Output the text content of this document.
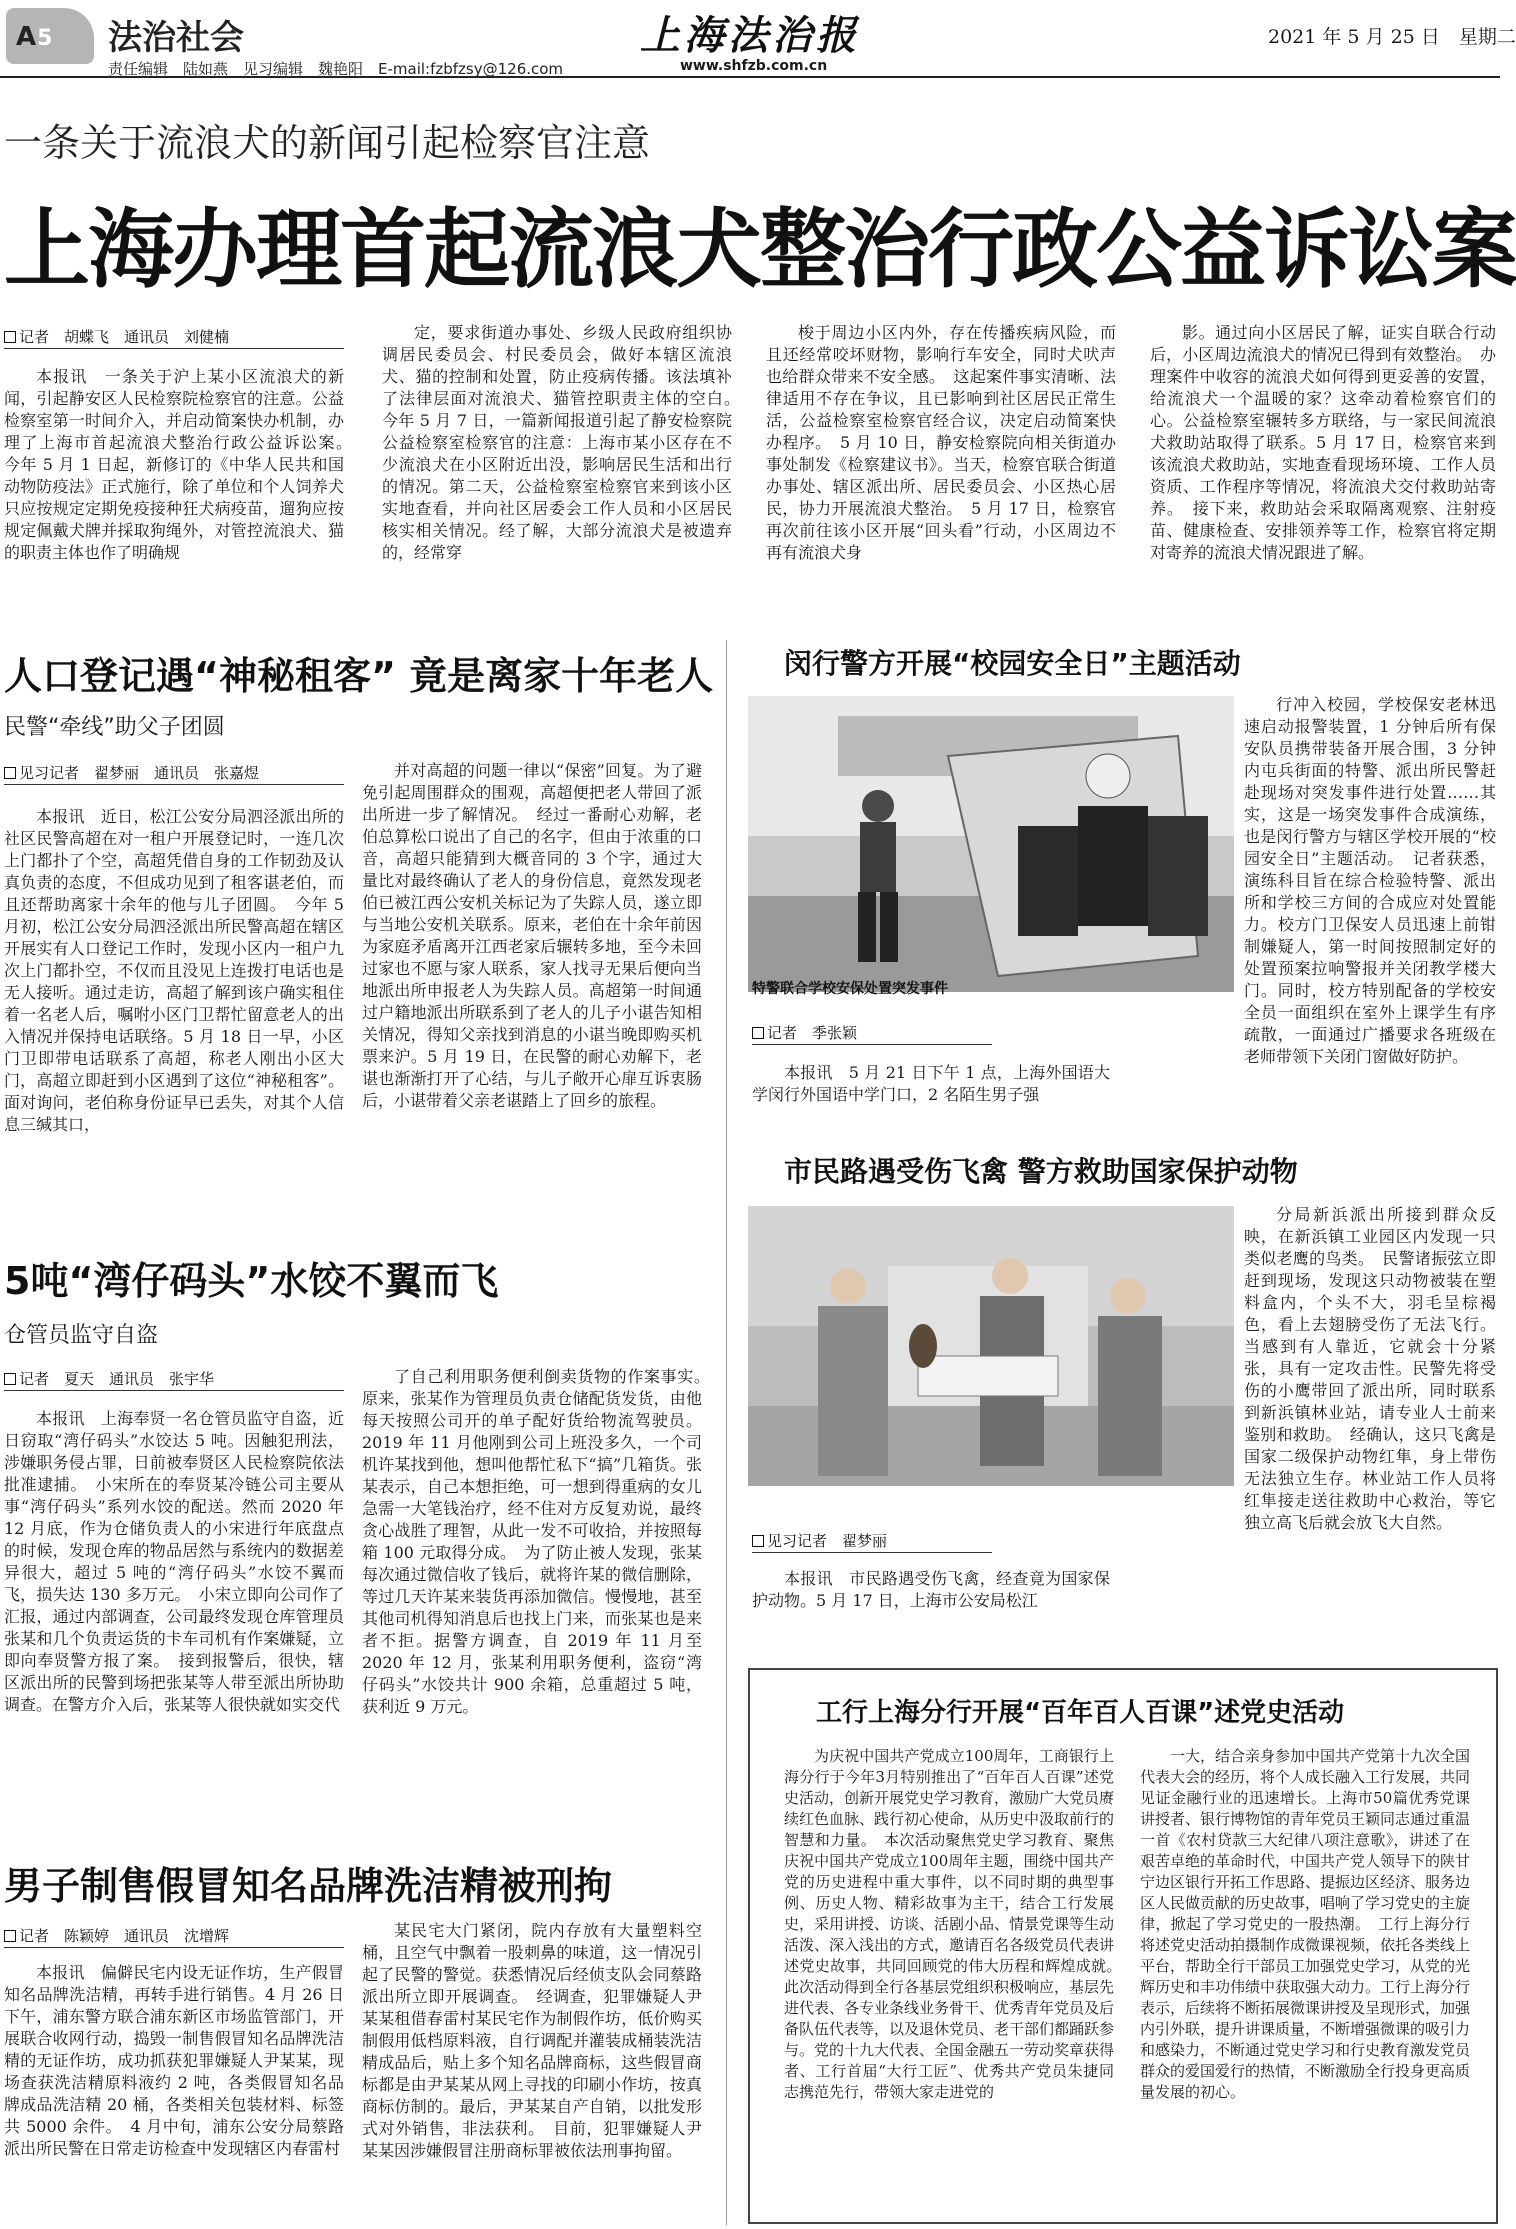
A5 法治社会
责任编辑　陆如燕　见习编辑　魏艳阳　E-mail:fzbfzsy@126.com
上海法治报
www.shfzb.com.cn
2021 年 5 月 25 日　星期二
一条关于流浪犬的新闻引起检察官注意
上海办理首起流浪犬整治行政公益诉讼案
记者　胡蝶飞　通讯员　刘健楠
本报讯　一条关于沪上某小区流浪犬的新闻，引起静安区人民检察院检察官的注意。公益检察室第一时间介入，并启动简案快办机制，办理了上海市首起流浪犬整治行政公益诉讼案。　今年 5 月 1 日起，新修订的《中华人民共和国动物防疫法》正式施行，除了单位和个人饲养犬只应按规定定期免疫接种狂犬病疫苗，遛狗应按规定佩戴犬牌并採取狗绳外，对管控流浪犬、猫的职责主体也作了明确规
定，要求街道办事处、乡级人民政府组织协调居民委员会、村民委员会，做好本辖区流浪犬、猫的控制和处置，防止疫病传播。该法填补了法律层面对流浪犬、猫管控职责主体的空白。　今年 5 月 7 日，一篇新闻报道引起了静安检察院公益检察室检察官的注意：上海市某小区存在不少流浪犬在小区附近出没，影响居民生活和出行的情况。第二天，公益检察室检察官来到该小区实地查看，并向社区居委会工作人员和小区居民核实相关情况。经了解，大部分流浪犬是被遗弃的，经常穿
梭于周边小区内外，存在传播疾病风险，而且还经常咬坏财物，影响行车安全，同时犬吠声也给群众带来不安全感。　这起案件事实清晰、法律适用不存在争议，且已影响到社区居民正常生活，公益检察室检察官经合议，决定启动简案快办程序。　5 月 10 日，静安检察院向相关街道办事处制发《检察建议书》。当天，检察官联合街道办事处、辖区派出所、居民委员会、小区热心居民，协力开展流浪犬整治。　5 月 17 日，检察官再次前往该小区开展“回头看”行动，小区周边不再有流浪犬身
影。通过向小区居民了解，证实自联合行动后，小区周边流浪犬的情况已得到有效整治。　办理案件中收容的流浪犬如何得到更妥善的安置，给流浪犬一个温暖的家？这牵动着检察官们的心。公益检察室辗转多方联络，与一家民间流浪犬救助站取得了联系。5 月 17 日，检察官来到该流浪犬救助站，实地查看现场环境、工作人员资质、工作程序等情况，将流浪犬交付救助站寄养。　接下来，救助站会采取隔离观察、注射疫苗、健康检查、安排领养等工作，检察官将定期对寄养的流浪犬情况跟进了解。
人口登记遇“神秘租客” 竟是离家十年老人
民警“牵线”助父子团圆
见习记者　翟梦丽　通讯员　张嘉煜
本报讯　近日，松江公安分局泗泾派出所的社区民警高超在对一租户开展登记时，一连几次上门都扑了个空，高超凭借自身的工作韧劲及认真负责的态度，不但成功见到了租客谌老伯，而且还帮助离家十余年的他与儿子团圆。　今年 5 月初，松江公安分局泗泾派出所民警高超在辖区开展实有人口登记工作时，发现小区内一租户九次上门都扑空，不仅而且没见上连拨打电话也是无人接听。通过走访，高超了解到该户确实租住着一名老人后，嘱咐小区门卫帮忙留意老人的出入情况并保持电话联络。5 月 18 日一早，小区门卫即带电话联系了高超，称老人刚出小区大门，高超立即赶到小区遇到了这位“神秘租客”。面对询问，老伯称身份证早已丢失，对其个人信息三缄其口，
并对高超的问题一律以“保密”回复。为了避免引起周围群众的围观，高超便把老人带回了派出所进一步了解情况。　经过一番耐心劝解，老伯总算松口说出了自己的名字，但由于浓重的口音，高超只能猜到大概音同的 3 个字，通过大量比对最终确认了老人的身份信息，竟然发现老伯已被江西公安机关标记为了失踪人员，遂立即与当地公安机关联系。原来，老伯在十余年前因为家庭矛盾离开江西老家后辗转多地，至今未回过家也不愿与家人联系，家人找寻无果后便向当地派出所申报老人为失踪人员。高超第一时间通过户籍地派出所联系到了老人的儿子小谌告知相关情况，得知父亲找到消息的小谌当晚即购买机票来沪。5 月 19 日，在民警的耐心劝解下，老谌也渐渐打开了心结，与儿子敞开心扉互诉衷肠后，小谌带着父亲老谌踏上了回乡的旅程。
5吨“湾仔码头”水饺不翼而飞
仓管员监守自盗
记者　夏天　通讯员　张宇华
本报讯　上海奉贤一名仓管员监守自盗，近日窃取“湾仔码头”水饺达 5 吨。因触犯刑法，涉嫌职务侵占罪，日前被奉贤区人民检察院依法批准逮捕。　小宋所在的奉贤某冷链公司主要从事“湾仔码头”系列水饺的配送。然而 2020 年 12 月底，作为仓储负责人的小宋进行年底盘点的时候，发现仓库的物品居然与系统内的数据差异很大，超过 5 吨的“湾仔码头”水饺不翼而飞，损失达 130 多万元。　小宋立即向公司作了汇报，通过内部调查，公司最终发现仓库管理员张某和几个负责运货的卡车司机有作案嫌疑，立即向奉贤警方报了案。　接到报警后，很快，辖区派出所的民警到场把张某等人带至派出所协助调查。在警方介入后，张某等人很快就如实交代
了自己利用职务便利倒卖货物的作案事实。　原来，张某作为管理员负责仓储配货发货，由他每天按照公司开的单子配好货给物流驾驶员。2019 年 11 月他刚到公司上班没多久，一个司机许某找到他，想叫他帮忙私下“搞”几箱货。张某表示，自己本想拒绝，可一想到得重病的女儿急需一大笔钱治疗，经不住对方反复劝说，最终贪心战胜了理智，从此一发不可收拾，并按照每箱 100 元取得分成。　为了防止被人发现，张某每次通过微信收了钱后，就将许某的微信删除，等过几天许某来装货再添加微信。慢慢地，甚至其他司机得知消息后也找上门来，而张某也是来者不拒。据警方调查，自 2019 年 11 月至 2020 年 12 月，张某利用职务便利，盗窃“湾仔码头”水饺共计 900 余箱，总重超过 5 吨，获利近 9 万元。
男子制售假冒知名品牌洗洁精被刑拘
记者　陈颖婷　通讯员　沈增辉
本报讯　偏僻民宅内设无证作坊，生产假冒知名品牌洗洁精，再转手进行销售。4 月 26 日下午，浦东警方联合浦东新区市场监管部门，开展联合收网行动，捣毁一制售假冒知名品牌洗洁精的无证作坊，成功抓获犯罪嫌疑人尹某某，现场查获洗洁精原料液约 2 吨，各类假冒知名品牌成品洗洁精 20 桶，各类相关包装材料、标签共 5000 余件。　4 月中旬，浦东公安分局蔡路派出所民警在日常走访检查中发现辖区内春雷村
某民宅大门紧闭，院内存放有大量塑料空桶，且空气中飘着一股刺鼻的味道，这一情况引起了民警的警觉。获悉情况后经侦支队会同蔡路派出所立即开展调查。　经调查，犯罪嫌疑人尹某某租借春雷村某民宅作为制假作坊，低价购买制假用低档原料液，自行调配并灌装成桶装洗洁精成品后，贴上多个知名品牌商标，这些假冒商标都是由尹某某从网上寻找的印刷小作坊，按真商标仿制的。最后，尹某某自产自销，以批发形式对外销售，非法获利。　目前，犯罪嫌疑人尹某某因涉嫌假冒注册商标罪被依法刑事拘留。
闵行警方开展“校园安全日”主题活动
特警联合学校安保处置突发事件
记者　季张颖
本报讯　5 月 21 日下午 1 点，上海外国语大学闵行外国语中学门口，2 名陌生男子强
行冲入校园，学校保安老林迅速启动报警装置，1 分钟后所有保安队员携带装备开展合围，3 分钟内屯兵街面的特警、派出所民警赶赴现场对突发事件进行处置……其实，这是一场突发事件合成演练，也是闵行警方与辖区学校开展的“校园安全日”主题活动。　记者获悉，演练科目旨在综合检验特警、派出所和学校三方间的合成应对处置能力。校方门卫保安人员迅速上前钳制嫌疑人，第一时间按照制定好的处置预案拉响警报并关闭教学楼大门。同时，校方特别配备的学校安全员一面组织在室外上课学生有序疏散，一面通过广播要求各班级在老师带领下关闭门窗做好防护。
市民路遇受伤飞禽 警方救助国家保护动物
见习记者　翟梦丽
本报讯　市民路遇受伤飞禽，经查竟为国家保护动物。5 月 17 日，上海市公安局松江
分局新浜派出所接到群众反映，在新浜镇工业园区内发现一只类似老鹰的鸟类。　民警诸振弦立即赶到现场，发现这只动物被装在塑料盒内，个头不大，羽毛呈棕褐色，看上去翅膀受伤了无法飞行。当感到有人靠近，它就会十分紧张，具有一定攻击性。民警先将受伤的小鹰带回了派出所，同时联系到新浜镇林业站，请专业人士前来鉴别和救助。　经确认，这只飞禽是国家二级保护动物红隼，身上带伤无法独立生存。林业站工作人员将红隼接走送往救助中心救治，等它独立高飞后就会放飞大自然。
工行上海分行开展“百年百人百课”述党史活动
为庆祝中国共产党成立100周年，工商银行上海分行于今年3月特别推出了“百年百人百课”述党史活动，创新开展党史学习教育，激励广大党员赓续红色血脉、践行初心使命，从历史中汲取前行的智慧和力量。　本次活动聚焦党史学习教育、聚焦庆祝中国共产党成立100周年主题，围绕中国共产党的历史进程中重大事件，以不同时期的典型事例、历史人物、精彩故事为主干，结合工行发展史，采用讲授、访谈、活剧小品、情景党课等生动活泼、深入浅出的方式，邀请百名各级党员代表讲述党史故事，共同回顾党的伟大历程和辉煌成就。　此次活动得到全行各基层党组织积极响应，基层先进代表、各专业条线业务骨干、优秀青年党员及后备队伍代表等，以及退休党员、老干部们都踊跃参与。党的十九大代表、全国金融五一劳动奖章获得者、工行首届“大行工匠”、优秀共产党员朱捷同志携范先行，带领大家走进党的
一大，结合亲身参加中国共产党第十九次全国代表大会的经历，将个人成长融入工行发展，共同见证金融行业的迅速增长。上海市50篇优秀党课讲授者、银行博物馆的青年党员王颖同志通过重温一首《农村贷款三大纪律八项注意歌》，讲述了在艰苦卓绝的革命时代，中国共产党人领导下的陕甘宁边区银行开拓工作思路、提振边区经济、服务边区人民做贡献的历史故事，唱响了学习党史的主旋律，掀起了学习党史的一股热潮。　工行上海分行将述党史活动拍摄制作成微课视频，依托各类线上平台，帮助全行干部员工加强党史学习，从党的光辉历史和丰功伟绩中获取强大动力。工行上海分行表示，后续将不断拓展微课讲授及呈现形式，加强内引外联，提升讲课质量，不断增强微课的吸引力和感染力，不断通过党史学习和行史教育激发党员群众的爱国爱行的热情，不断激励全行投身更高质量发展的初心。
